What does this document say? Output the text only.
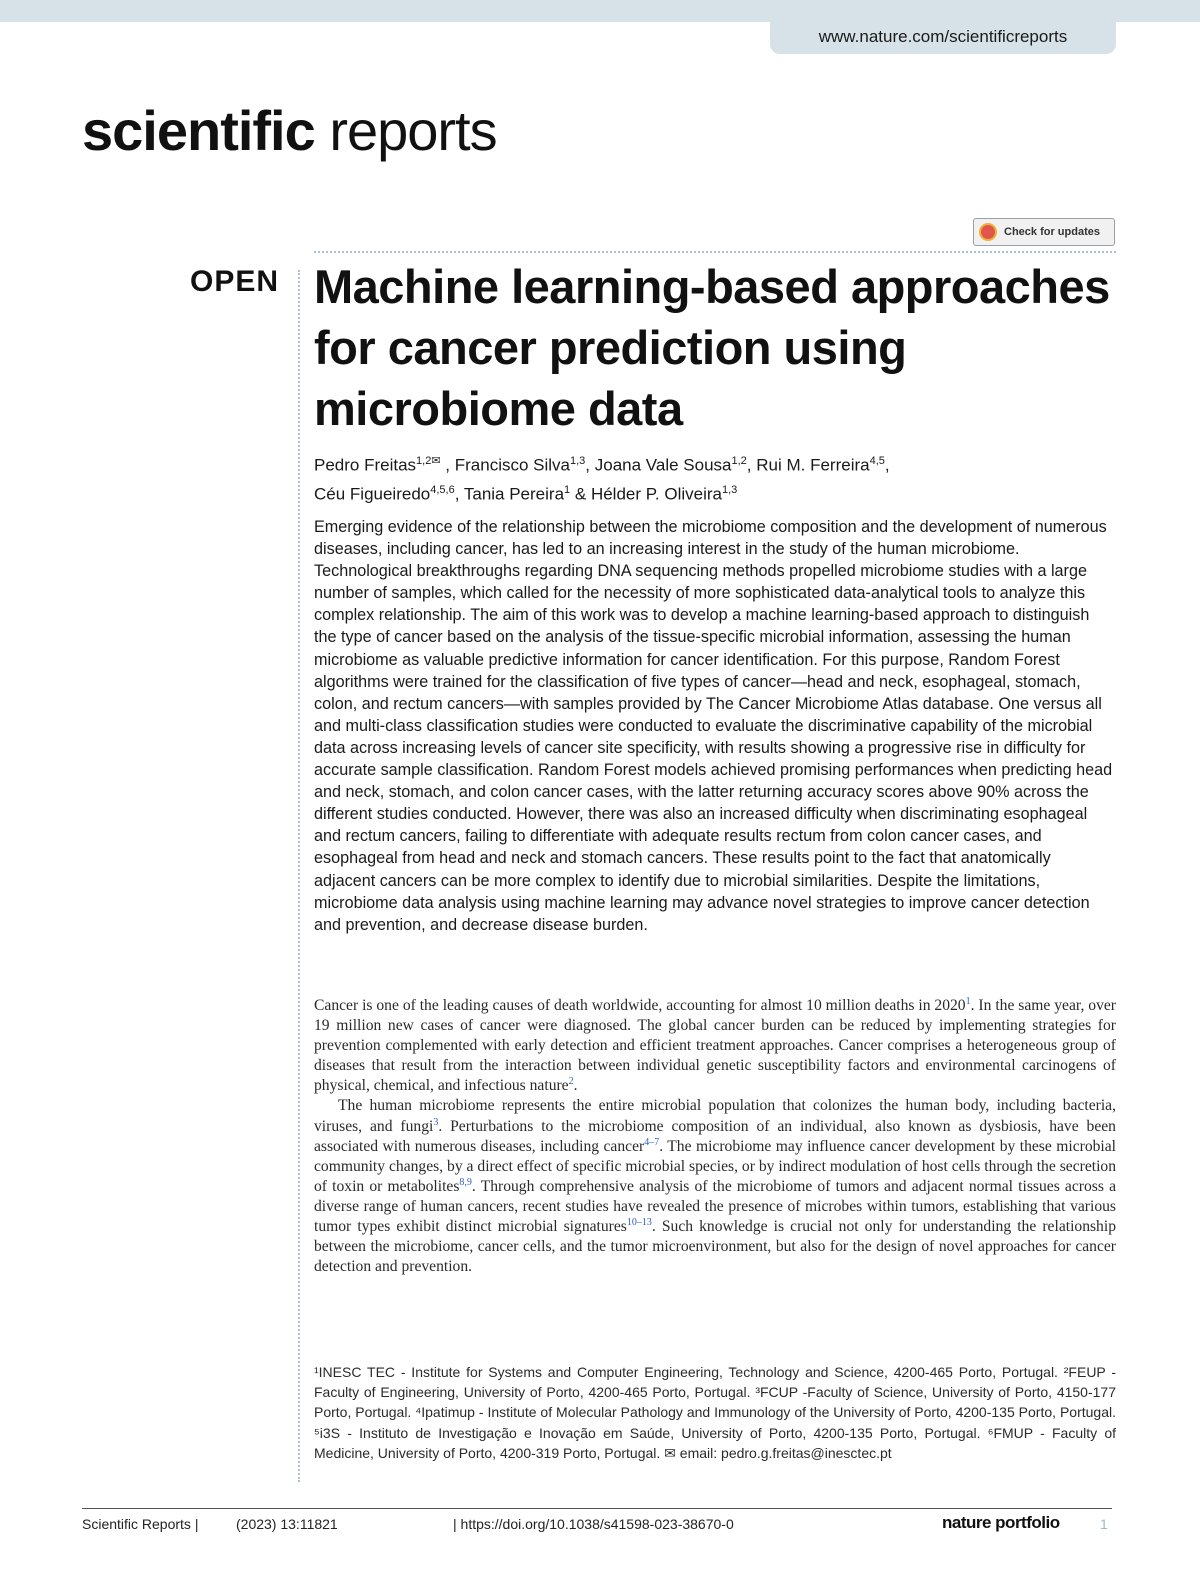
www.nature.com/scientificreports
scientific reports
Check for updates
OPEN Machine learning-based approaches for cancer prediction using microbiome data
Pedro Freitas$^{1,2✉}$ , Francisco Silva$^{1,3}$, Joana Vale Sousa$^{1,2}$, Rui M. Ferreira$^{4,5}$,
Céu Figueiredo$^{4,5,6}$, Tania Pereira$^1$ & Hélder P. Oliveira$^{1,3}$

Emerging evidence of the relationship between the microbiome composition and the development of numerous diseases, including cancer, has led to an increasing interest in the study of the human microbiome. Technological breakthroughs regarding DNA sequencing methods propelled microbiome studies with a large number of samples, which called for the necessity of more sophisticated data-analytical tools to analyze this complex relationship. The aim of this work was to develop a machine learning-based approach to distinguish the type of cancer based on the analysis of the tissue-specific microbial information, assessing the human microbiome as valuable predictive information for cancer identification. For this purpose, Random Forest algorithms were trained for the classification of five types of cancer—head and neck, esophageal, stomach, colon, and rectum cancers—with samples provided by The Cancer Microbiome Atlas database. One versus all and multi-class classification studies were conducted to evaluate the discriminative capability of the microbial data across increasing levels of cancer site specificity, with results showing a progressive rise in difficulty for accurate sample classification. Random Forest models achieved promising performances when predicting head and neck, stomach, and colon cancer cases, with the latter returning accuracy scores above 90% across the different studies conducted. However, there was also an increased difficulty when discriminating esophageal and rectum cancers, failing to differentiate with adequate results rectum from colon cancer cases, and esophageal from head and neck and stomach cancers. These results point to the fact that anatomically adjacent cancers can be more complex to identify due to microbial similarities. Despite the limitations, microbiome data analysis using machine learning may advance novel strategies to improve cancer detection and prevention, and decrease disease burden.

Cancer is one of the leading causes of death worldwide, accounting for almost 10 million deaths in 2020$^1$. In the same year, over 19 million new cases of cancer were diagnosed. The global cancer burden can be reduced by implementing strategies for prevention complemented with early detection and efficient treatment approaches. Cancer comprises a heterogeneous group of diseases that result from the interaction between individual genetic susceptibility factors and environmental carcinogens of physical, chemical, and infectious nature$^2$.

The human microbiome represents the entire microbial population that colonizes the human body, including bacteria, viruses, and fungi$^3$. Perturbations to the microbiome composition of an individual, also known as dysbiosis, have been associated with numerous diseases, including cancer$^{4-7}$. The microbiome may influence cancer development by these microbial community changes, by a direct effect of specific microbial species, or by indirect modulation of host cells through the secretion of toxin or metabolites$^{8,9}$. Through comprehensive analysis of the microbiome of tumors and adjacent normal tissues across a diverse range of human cancers, recent studies have revealed the presence of microbes within tumors, establishing that various tumor types exhibit distinct microbial signatures$^{10-13}$. Such knowledge is crucial not only for understanding the relationship between the microbiome, cancer cells, and the tumor microenvironment, but also for the design of novel approaches for cancer detection and prevention.

¹INESC TEC - Institute for Systems and Computer Engineering, Technology and Science, 4200-465 Porto, Portugal. ²FEUP - Faculty of Engineering, University of Porto, 4200-465 Porto, Portugal. ³FCUP -Faculty of Science, University of Porto, 4150-177 Porto, Portugal. ⁴Ipatimup - Institute of Molecular Pathology and Immunology of the University of Porto, 4200-135 Porto, Portugal. ⁵i3S - Instituto de Investigação e Inovação em Saúde, University of Porto, 4200-135 Porto, Portugal. ⁶FMUP - Faculty of Medicine, University of Porto, 4200-319 Porto, Portugal. ✉ email: pedro.g.freitas@inesctec.pt

Scientific Reports |	(2023) 13:11821	| https://doi.org/10.1038/s41598-023-38670-0	nature portfolio	1
